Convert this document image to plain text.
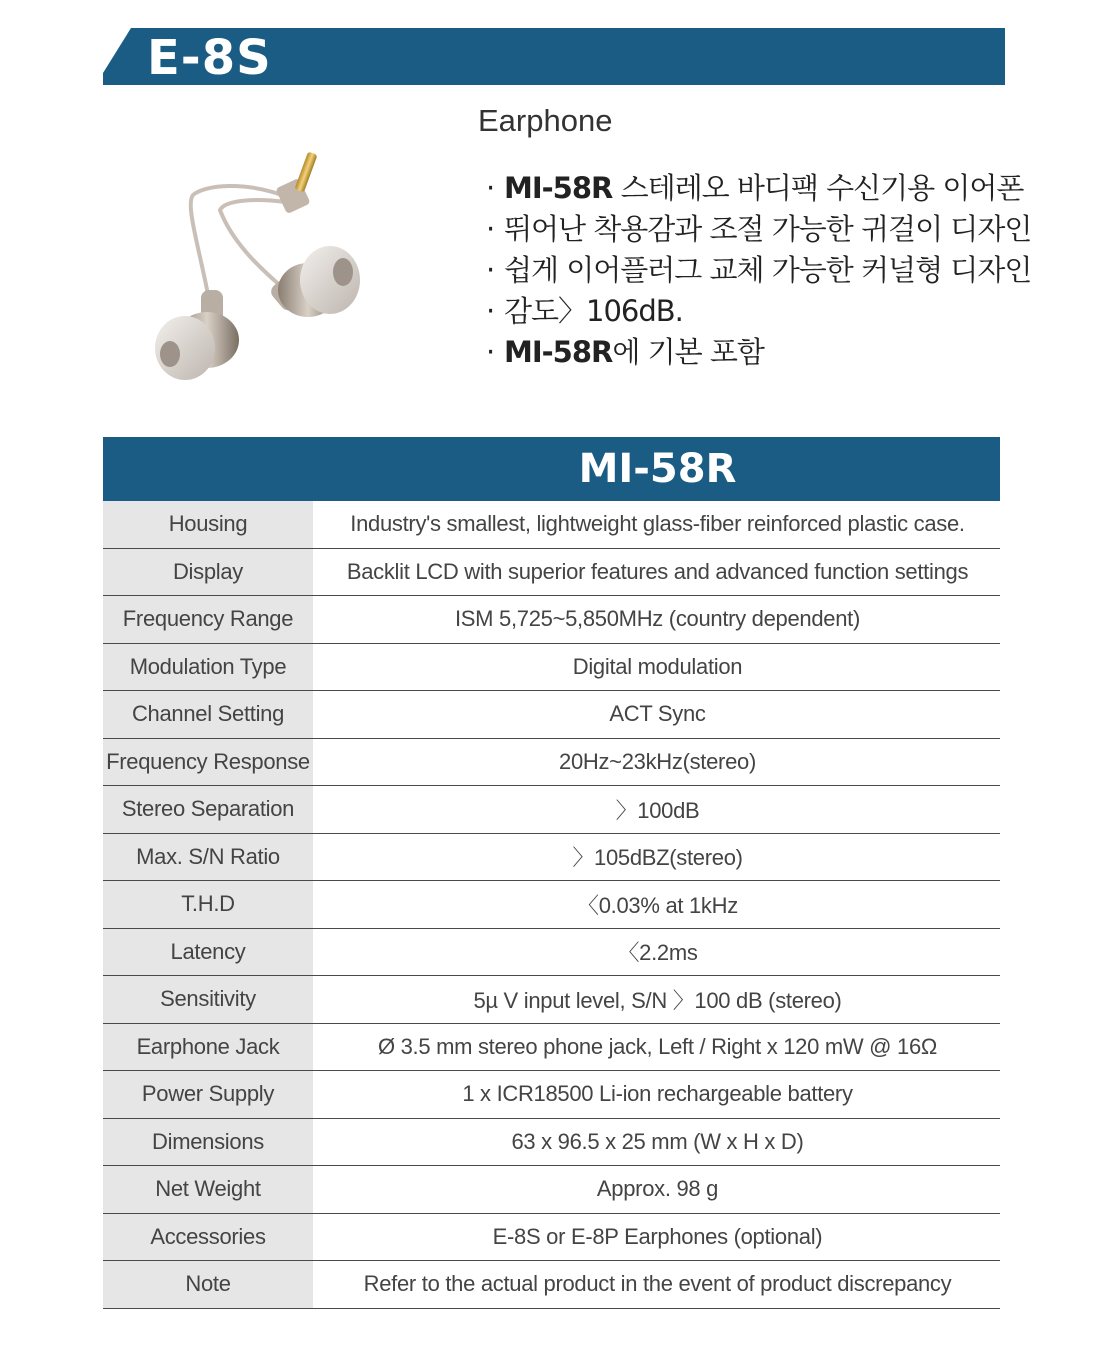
E-8S
Earphone
· MI-58R 스테레오 바디팩 수신기용 이어폰
· 뛰어난 착용감과 조절 가능한 귀걸이 디자인
· 쉽게 이어플러그 교체 가능한 커널형 디자인
· 감도〉106dB.
· MI-58R에 기본 포함
MI-58R
Housing	Industry's smallest, lightweight glass-fiber reinforced plastic case.
Display	Backlit LCD with superior features and advanced function settings
Frequency Range	ISM 5,725~5,850MHz (country dependent)
Modulation Type	Digital modulation
Channel Setting	ACT Sync
Frequency Response	20Hz~23kHz(stereo)
Stereo Separation	〉100dB
Max. S/N Ratio	〉105dBZ(stereo)
T.H.D	〈0.03% at 1kHz
Latency	〈2.2ms
Sensitivity	5µ V input level, S/N 〉100 dB (stereo)
Earphone Jack	Ø 3.5 mm stereo phone jack, Left / Right x 120 mW @ 16Ω
Power Supply	1 x ICR18500 Li-ion rechargeable battery
Dimensions	63 x 96.5 x 25 mm (W x H x D)
Net Weight	Approx. 98 g
Accessories	E-8S or E-8P Earphones (optional)
Note	Refer to the actual product in the event of product discrepancy
